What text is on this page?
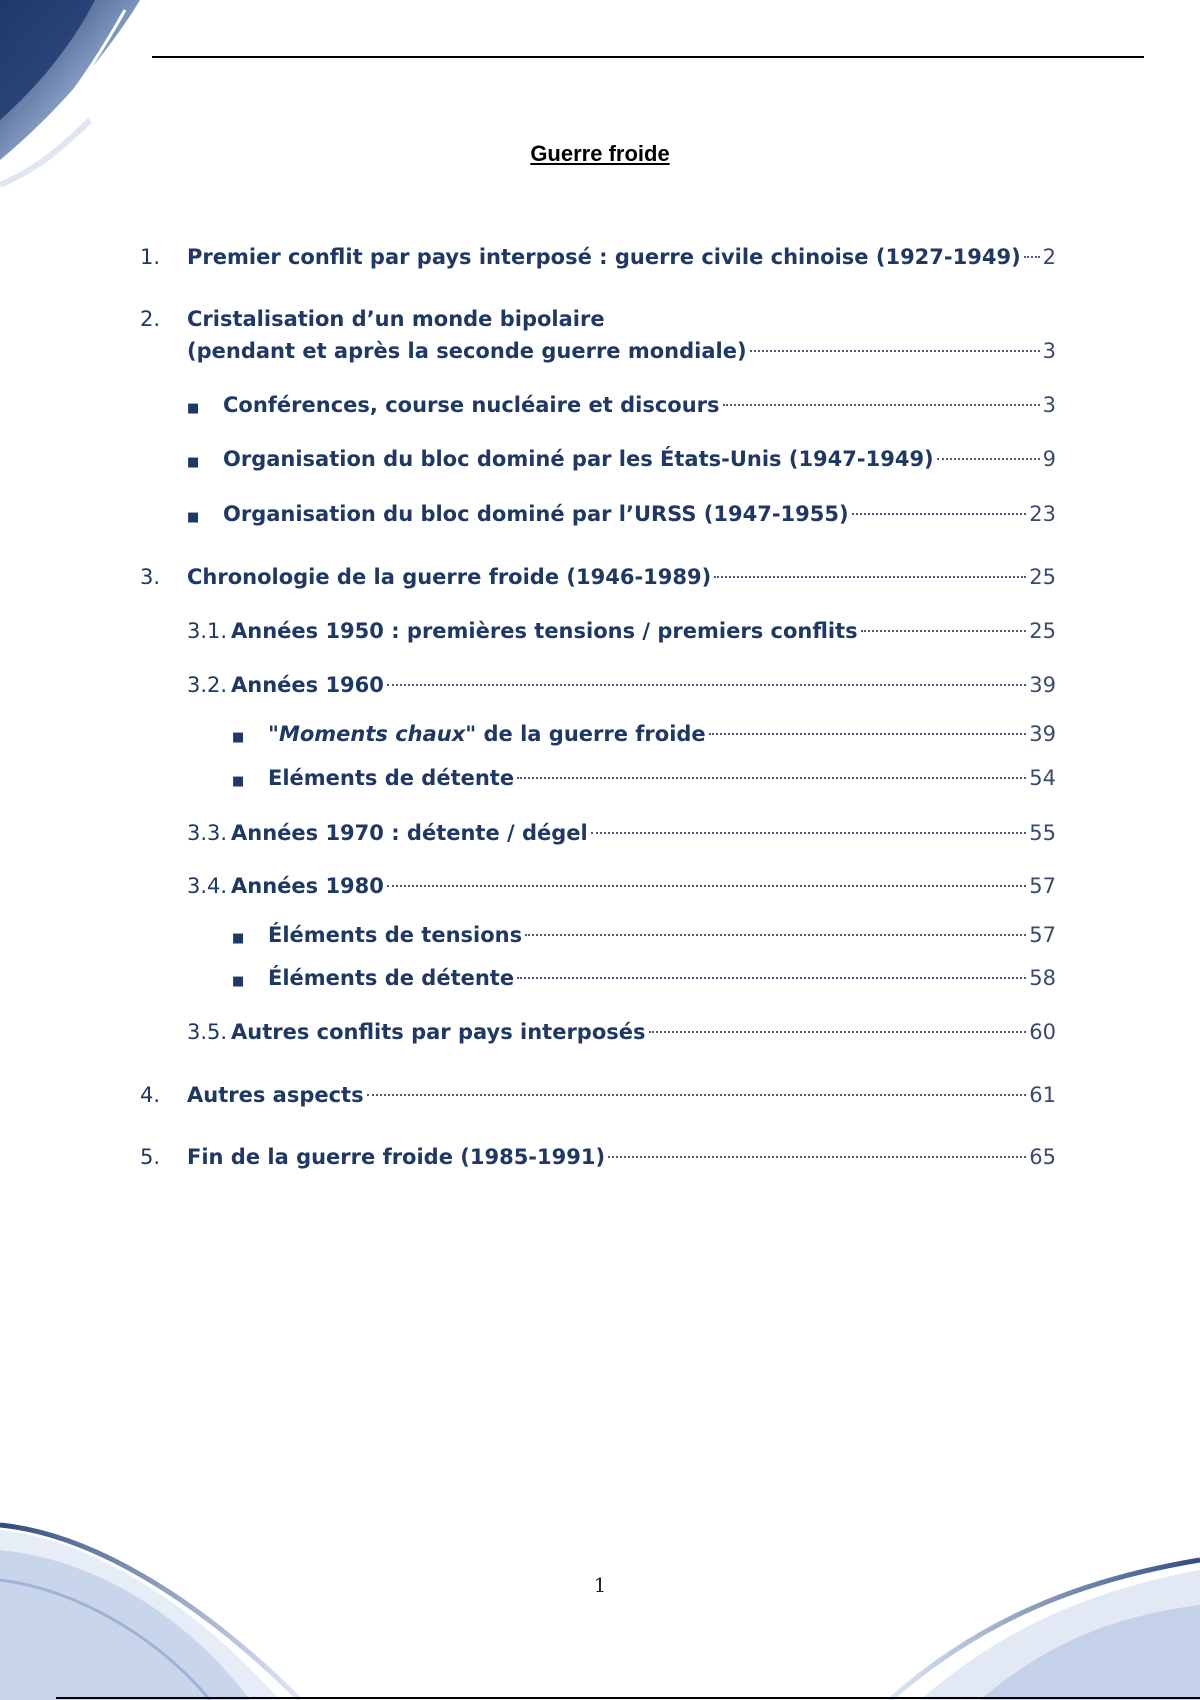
Guerre froide
1.	Premier conflit par pays interposé : guerre civile chinoise (1927-1949) 2
2.	Cristalisation d’un monde bipolaire
(pendant et après la seconde guerre mondiale)	3
■	Conférences, course nucléaire et discours	3
■	Organisation du bloc dominé par les États-Unis (1947-1949)	9
■	Organisation du bloc dominé par l’URSS (1947-1955)	23
3.	Chronologie de la guerre froide (1946-1989)	25
3.1. Années 1950 : premières tensions / premiers conflits	25
3.2. Années 1960	39
■	"Moments chaux" de la guerre froide	39
■	Eléments de détente	54
3.3. Années 1970 : détente / dégel	55
3.4. Années 1980	57
■	Éléments de tensions	57
■	Éléments de détente	58
3.5. Autres conflits par pays interposés	60
4.	Autres aspects	61
5.	Fin de la guerre froide (1985-1991)	65
1
